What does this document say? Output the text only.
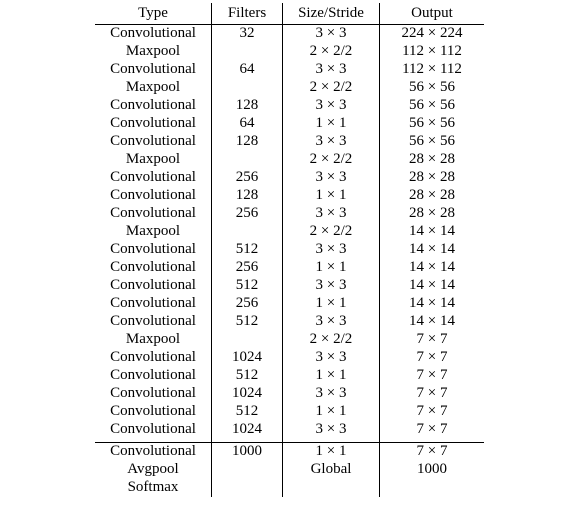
Type	Filters	Size/Stride	Output
Convolutional	32	3 × 3	224 × 224
Maxpool		2 × 2/2	112 × 112
Convolutional	64	3 × 3	112 × 112
Maxpool		2 × 2/2	56 × 56
Convolutional	128	3 × 3	56 × 56
Convolutional	64	1 × 1	56 × 56
Convolutional	128	3 × 3	56 × 56
Maxpool		2 × 2/2	28 × 28
Convolutional	256	3 × 3	28 × 28
Convolutional	128	1 × 1	28 × 28
Convolutional	256	3 × 3	28 × 28
Maxpool		2 × 2/2	14 × 14
Convolutional	512	3 × 3	14 × 14
Convolutional	256	1 × 1	14 × 14
Convolutional	512	3 × 3	14 × 14
Convolutional	256	1 × 1	14 × 14
Convolutional	512	3 × 3	14 × 14
Maxpool		2 × 2/2	7 × 7
Convolutional	1024	3 × 3	7 × 7
Convolutional	512	1 × 1	7 × 7
Convolutional	1024	3 × 3	7 × 7
Convolutional	512	1 × 1	7 × 7
Convolutional	1024	3 × 3	7 × 7

Convolutional	1000	1 × 1	7 × 7
Avgpool		Global	1000
Softmax			
